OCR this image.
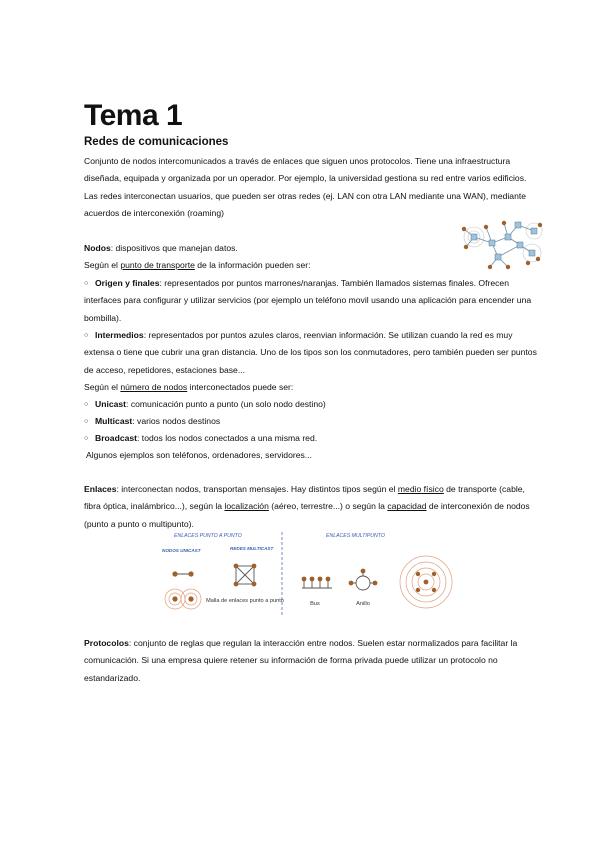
Tema 1
Redes de comunicaciones

Conjunto de nodos intercomunicados a través de enlaces que siguen unos protocolos. Tiene una infraestructura diseñada, equipada y organizada por un operador. Por ejemplo, la universidad gestiona su red entre varios edificios. Las redes interconectan usuarios, que pueden ser otras redes (ej. LAN con otra LAN mediante una WAN), mediante acuerdos de interconexión (roaming)

Nodos: dispositivos que manejan datos.

Según el punto de transporte de la información pueden ser:

○ Origen y finales: representados por puntos marrones/naranjas. También llamados sistemas finales. Ofrecen interfaces para configurar y utilizar servicios (por ejemplo un teléfono movil usando una aplicación para encender una bombilla).
○ Intermedios: representados por puntos azules claros, reenvian información. Se utilizan cuando la red es muy extensa o tiene que cubrir una gran distancia. Uno de los tipos son los conmutadores, pero también pueden ser puntos de acceso, repetidores, estaciones base...

Según el número de nodos interconectados puede ser:

○ Unicast: comunicación punto a punto (un solo nodo destino)
○ Multicast: varios nodos destinos
○ Broadcast: todos los nodos conectados a una misma red.

Algunos ejemplos son teléfonos, ordenadores, servidores...

Enlaces: interconectan nodos, transportan mensajes. Hay distintos tipos según el medio físico de transporte (cable, fibra óptica, inalámbrico...), según la localización (aéreo, terrestre...) o según la capacidad de interconexión de nodos (punto a punto o multipunto).

ENLACES PUNTO A PUNTO	ENLACES MULTIPUNTO
NODOS UNICAST	REDES MULTICAST
Malla de enlaces punto a punto	Bus	Anillo

Protocolos: conjunto de reglas que regulan la interacción entre nodos. Suelen estar normalizados para facilitar la comunicación. Si una empresa quiere retener su información de forma privada puede utilizar un protocolo no estandarizado.
